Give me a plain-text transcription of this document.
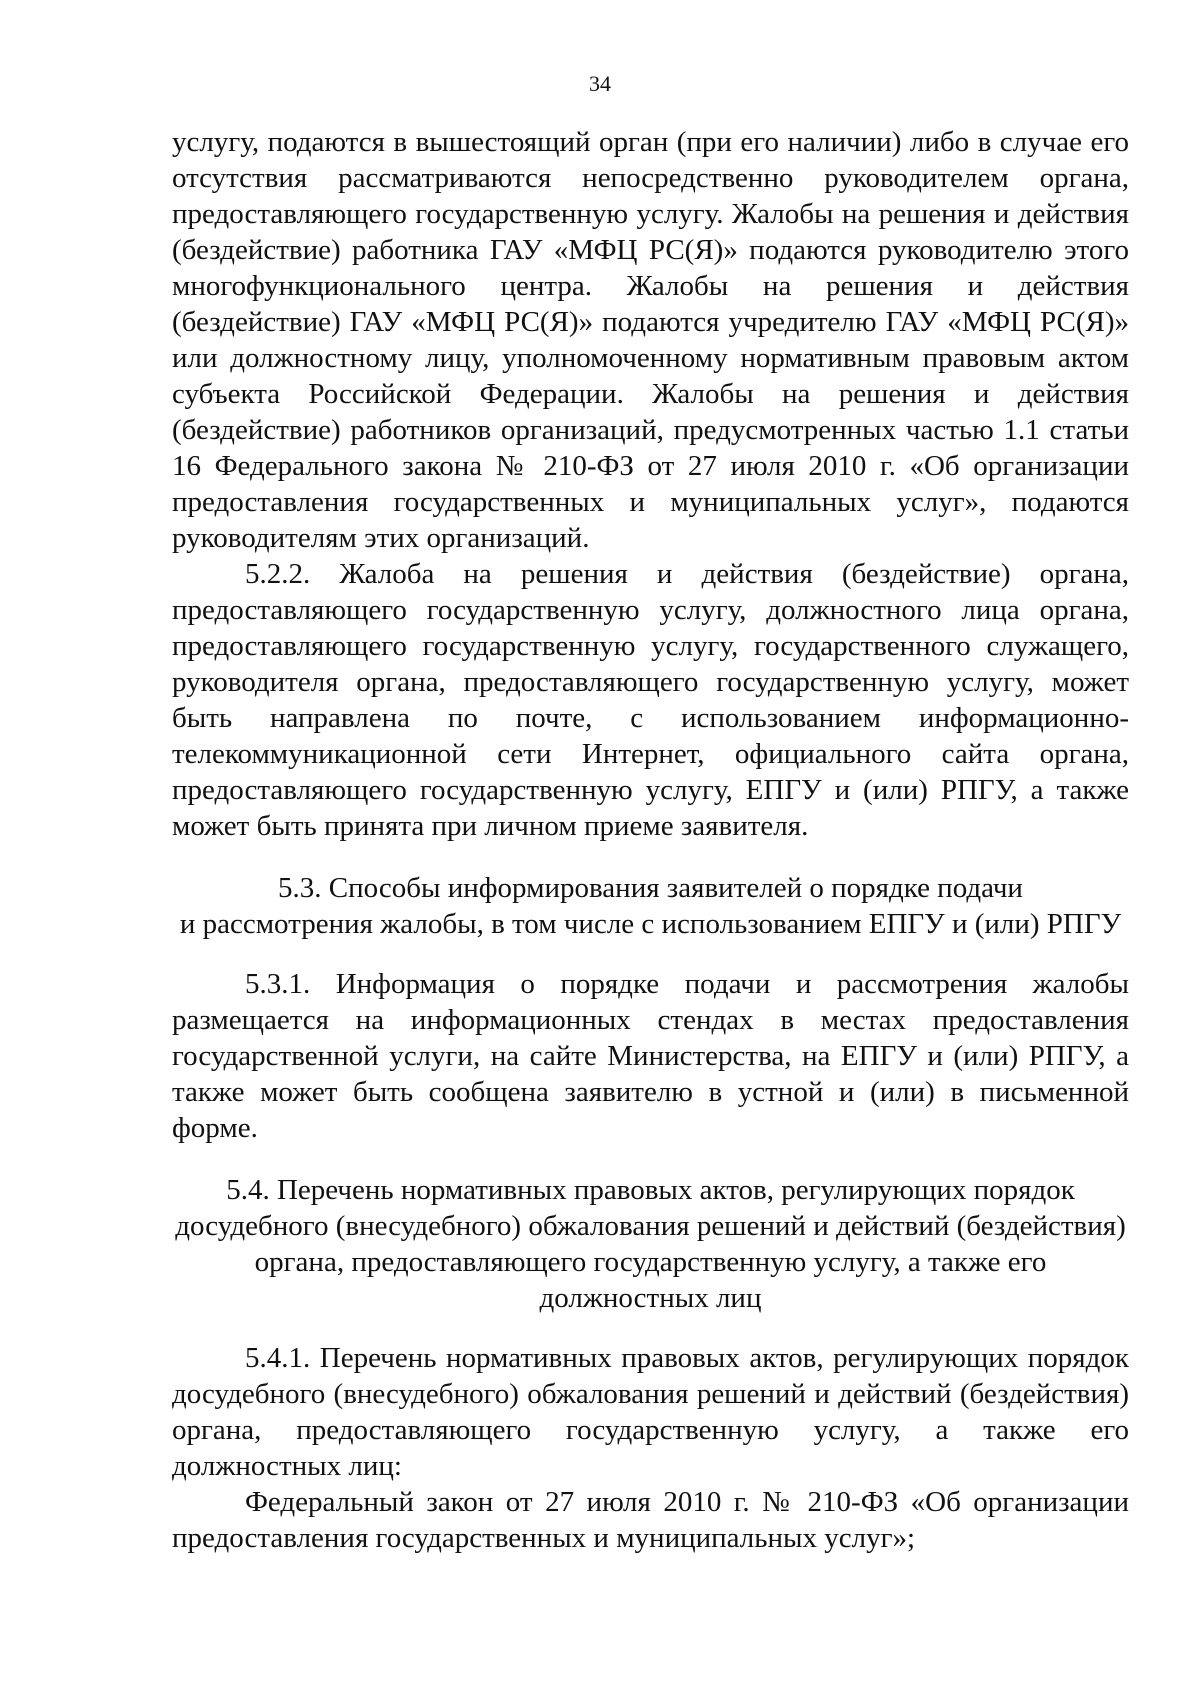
34

услугу, подаются в вышестоящий орган (при его наличии) либо в случае его отсутствия рассматриваются непосредственно руководителем органа, предоставляющего государственную услугу. Жалобы на решения и действия (бездействие) работника ГАУ «МФЦ РС(Я)» подаются руководителю этого многофункционального центра. Жалобы на решения и действия (бездействие) ГАУ «МФЦ РС(Я)» подаются учредителю ГАУ «МФЦ РС(Я)» или должностному лицу, уполномоченному нормативным правовым актом субъекта Российской Федерации. Жалобы на решения и действия (бездействие) работников организаций, предусмотренных частью 1.1 статьи 16 Федерального закона № 210-ФЗ от 27 июля 2010 г. «Об организации предоставления государственных и муниципальных услуг», подаются руководителям этих организаций.

5.2.2. Жалоба на решения и действия (бездействие) органа, предоставляющего государственную услугу, должностного лица органа, предоставляющего государственную услугу, государственного служащего, руководителя органа, предоставляющего государственную услугу, может быть направлена по почте, с использованием информационно-телекоммуникационной сети Интернет, официального сайта органа, предоставляющего государственную услугу, ЕПГУ и (или) РПГУ, а также может быть принята при личном приеме заявителя.

5.3. Способы информирования заявителей о порядке подачи
и рассмотрения жалобы, в том числе с использованием ЕПГУ и (или) РПГУ

5.3.1. Информация о порядке подачи и рассмотрения жалобы размещается на информационных стендах в местах предоставления государственной услуги, на сайте Министерства, на ЕПГУ и (или) РПГУ, а также может быть сообщена заявителю в устной и (или) в письменной форме.

5.4. Перечень нормативных правовых актов, регулирующих порядок
досудебного (внесудебного) обжалования решений и действий (бездействия)
органа, предоставляющего государственную услугу, а также его
должностных лиц

5.4.1. Перечень нормативных правовых актов, регулирующих порядок досудебного (внесудебного) обжалования решений и действий (бездействия) органа, предоставляющего государственную услугу, а также его должностных лиц:

Федеральный закон от 27 июля 2010 г. № 210-ФЗ «Об организации предоставления государственных и муниципальных услуг»;
